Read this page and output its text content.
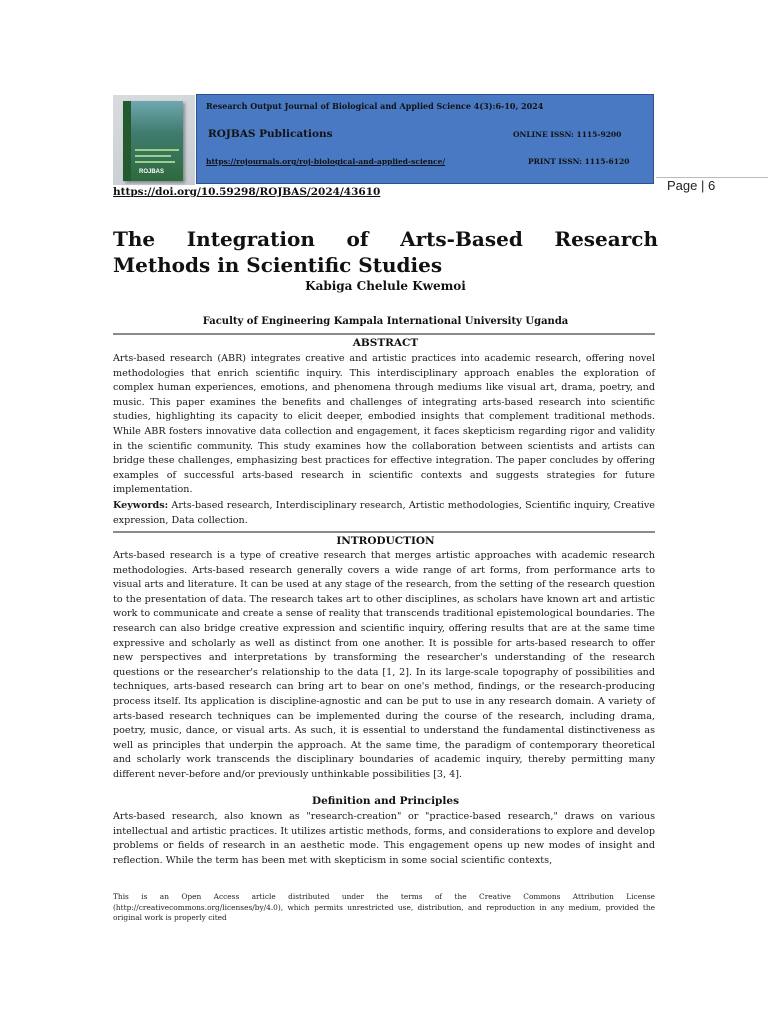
ROJBAS
Research Output Journal of Biological and Applied Science 4(3):6-10, 2024
ROJBAS Publications	ONLINE ISSN: 1115-9200
https://rojournals.org/roj-biological-and-applied-science/	PRINT ISSN: 1115-6120
https://doi.org/10.59298/ROJBAS/2024/43610	Page | 6
The Integration of Arts-Based Research Methods in Scientific Studies
Kabiga Chelule Kwemoi
Faculty of Engineering Kampala International University Uganda
ABSTRACT

Arts-based research (ABR) integrates creative and artistic practices into academic research, offering novel methodologies that enrich scientific inquiry. This interdisciplinary approach enables the exploration of complex human experiences, emotions, and phenomena through mediums like visual art, drama, poetry, and music. This paper examines the benefits and challenges of integrating arts-based research into scientific studies, highlighting its capacity to elicit deeper, embodied insights that complement traditional methods. While ABR fosters innovative data collection and engagement, it faces skepticism regarding rigor and validity in the scientific community. This study examines how the collaboration between scientists and artists can bridge these challenges, emphasizing best practices for effective integration. The paper concludes by offering examples of successful arts-based research in scientific contexts and suggests strategies for future implementation.

Keywords: Arts-based research, Interdisciplinary research, Artistic methodologies, Scientific inquiry, Creative expression, Data collection.

INTRODUCTION

Arts-based research is a type of creative research that merges artistic approaches with academic research methodologies. Arts-based research generally covers a wide range of art forms, from performance arts to visual arts and literature. It can be used at any stage of the research, from the setting of the research question to the presentation of data. The research takes art to other disciplines, as scholars have known art and artistic work to communicate and create a sense of reality that transcends traditional epistemological boundaries. The research can also bridge creative expression and scientific inquiry, offering results that are at the same time expressive and scholarly as well as distinct from one another. It is possible for arts-based research to offer new perspectives and interpretations by transforming the researcher's understanding of the research questions or the researcher's relationship to the data [1, 2]. In its large-scale topography of possibilities and techniques, arts-based research can bring art to bear on one's method, findings, or the research-producing process itself. Its application is discipline-agnostic and can be put to use in any research domain. A variety of arts-based research techniques can be implemented during the course of the research, including drama, poetry, music, dance, or visual arts. As such, it is essential to understand the fundamental distinctiveness as well as principles that underpin the approach. At the same time, the paradigm of contemporary theoretical and scholarly work transcends the disciplinary boundaries of academic inquiry, thereby permitting many different never-before and/or previously unthinkable possibilities [3, 4].

Definition and Principles

Arts-based research, also known as "research-creation" or "practice-based research," draws on various intellectual and artistic practices. It utilizes artistic methods, forms, and considerations to explore and develop problems or fields of research in an aesthetic mode. This engagement opens up new modes of insight and reflection. While the term has been met with skepticism in some social scientific contexts,

This is an Open Access article distributed under the terms of the Creative Commons Attribution License (http://creativecommons.org/licenses/by/4.0), which permits unrestricted use, distribution, and reproduction in any medium, provided the original work is properly cited
